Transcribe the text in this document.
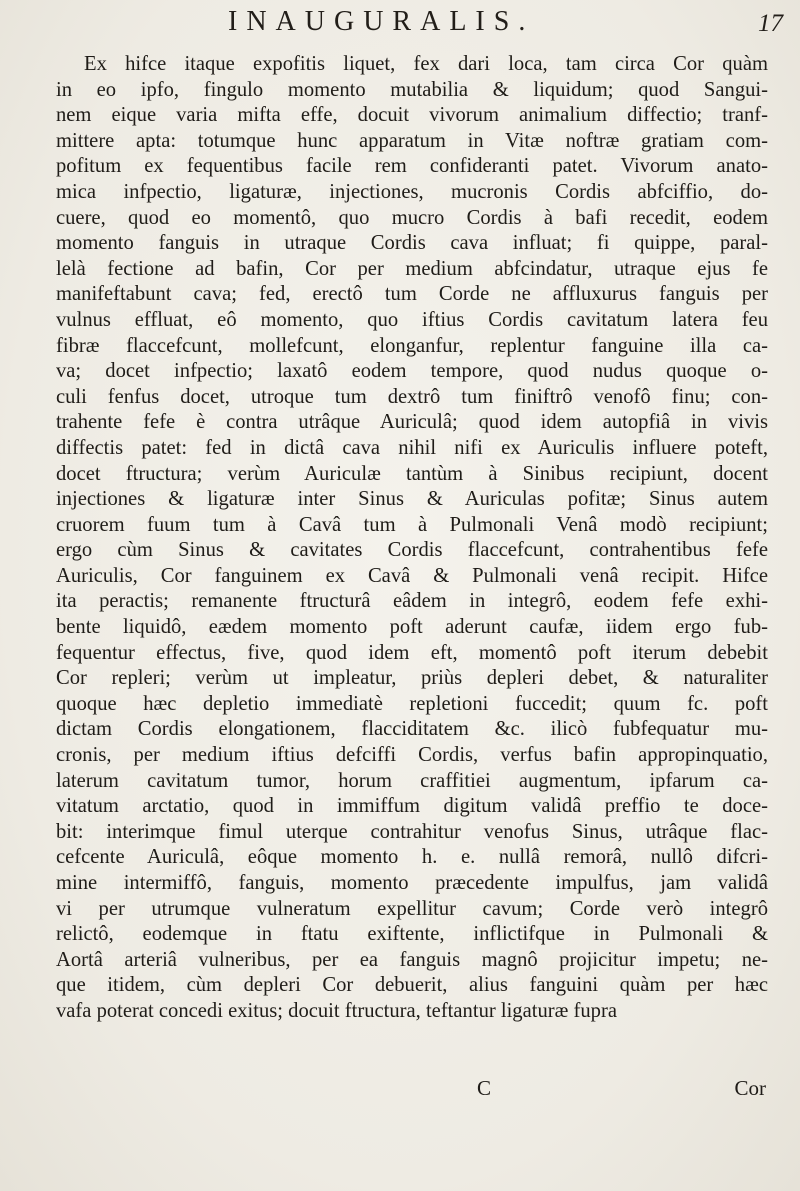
INAUGURALIS.	17
Ex hifce itaque expofitis liquet, fex dari loca, tam circa Cor quàm
in eo ipfo, fingulo momento mutabilia & liquidum; quod Sangui-
nem eique varia mifta effe, docuit vivorum animalium diffectio; tranf-
mittere apta: totumque hunc apparatum in Vitæ noftræ gratiam com-
pofitum ex fequentibus facile rem confideranti patet. Vivorum anato-
mica infpectio, ligaturæ, injectiones, mucronis Cordis abfciffio, do-
cuere, quod eo momentô, quo mucro Cordis à bafi recedit, eodem
momento fanguis in utraque Cordis cava influat; fi quippe, paral-
lelà fectione ad bafin, Cor per medium abfcindatur, utraque ejus fe
manifeftabunt cava; fed, erectô tum Corde ne affluxurus fanguis per
vulnus effluat, eô momento, quo iftius Cordis cavitatum latera feu
fibræ flaccefcunt, mollefcunt, elonganfur, replentur fanguine illa ca-
va; docet infpectio; laxatô eodem tempore, quod nudus quoque o-
culi fenfus docet, utroque tum dextrô tum finiftrô venofô finu; con-
trahente fefe è contra utrâque Auriculâ; quod idem autopfiâ in vivis
diffectis patet: fed in dictâ cava nihil nifi ex Auriculis influere poteft,
docet ftructura; verùm Auriculæ tantùm à Sinibus recipiunt, docent
injectiones & ligaturæ inter Sinus & Auriculas pofitæ; Sinus autem
cruorem fuum tum à Cavâ tum à Pulmonali Venâ modò recipiunt;
ergo cùm Sinus & cavitates Cordis flaccefcunt, contrahentibus fefe
Auriculis, Cor fanguinem ex Cavâ & Pulmonali venâ recipit. Hifce
ita peractis; remanente ftructurâ eâdem in integrô, eodem fefe exhi-
bente liquidô, eædem momento poft aderunt caufæ, iidem ergo fub-
fequentur effectus, five, quod idem eft, momentô poft iterum debebit
Cor repleri; verùm ut impleatur, priùs depleri debet, & naturaliter
quoque hæc depletio immediatè repletioni fuccedit; quum fc. poft
dictam Cordis elongationem, flacciditatem &c. ilicò fubfequatur mu-
cronis, per medium iftius defciffi Cordis, verfus bafin appropinquatio,
laterum cavitatum tumor, horum craffitiei augmentum, ipfarum ca-
vitatum arctatio, quod in immiffum digitum validâ preffio te doce-
bit: interimque fimul uterque contrahitur venofus Sinus, utrâque flac-
cefcente Auriculâ, eôque momento h. e. nullâ remorâ, nullô difcri-
mine intermiffô, fanguis, momento præcedente impulfus, jam validâ
vi per utrumque vulneratum expellitur cavum; Corde verò integrô
relictô, eodemque in ftatu exiftente, inflictifque in Pulmonali &
Aortâ arteriâ vulneribus, per ea fanguis magnô projicitur impetu; ne-
que itidem, cùm depleri Cor debuerit, alius fanguini quàm per hæc
vafa poterat concedi exitus; docuit ftructura, teftantur ligaturæ fupra
C	Cor
